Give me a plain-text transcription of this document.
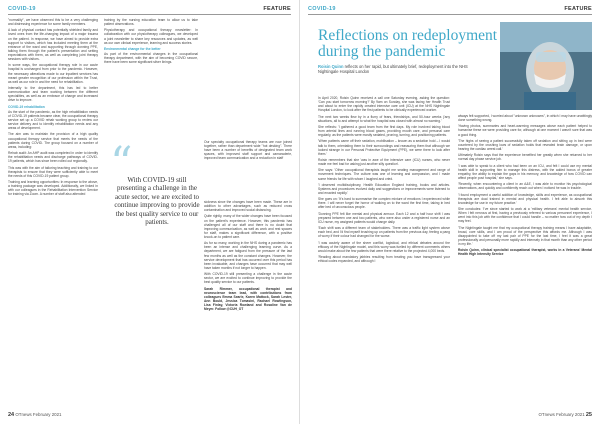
COVID-19	FEATURE

"normality", we have observed this to be a very challenging and distressing experience for some family members.

A lack of physical contact has potentially shielded family and loved ones from the life-changing impact of a major trauma on the patient. In response, we have aimed to provide extra support to visitors, which has included meeting them at the entrance of the ward and supporting through donning PPE, talking them through the patient's presentation and setting expectations with them, as well as completing joint therapy sessions with visitors.

In some ways, the occupational therapy role in our acute hospital is unchanged from prior to the pandemic. However, the necessary alterations made to our inpatient services has meant greater recognition of our profession within the Trust, as well as our role in and the need for rehabilitation.

Internally to the department, this has led to better communication and team working between the different specialities, as well as an embrace of change and increased drive to improve.

COVID-19 rehabilitation

As the start of the pandemic, as the high rehabilitation needs of COVID-19 patients became clear, the occupational therapy service set up a COVID rehab working group to review our service delivery and to identify rehabilitation needs and any areas of development.

The aim was to maintain the provision of a high quality occupational therapy service that meets the needs of the patients during COVID. The group focused on a number of areas, including:

Rehab audit: An AHP audit was completed in order to identify the rehabilitation needs and discharge pathways of COVID-19 patients, which has since been rolled out regionally.

This was with the aim of tailoring teaching and training to our therapists to ensure that they were sufficiently able to meet the needs of this COVID-19 patient group.

Training and learning opportunities: In response to the above, a training package was developed. Additionally, we linked in with our colleagues in the Rehabilitation Intervention Service for training via Zoom. A number of staff also attended

training by the nursing education team to allow us to take patient observations.

Physiotherapy and occupational therapy newsletter: In collaboration with our physiotherapy colleagues, we developed a joint newsletter to share key resources and updates, as well as our own clinical experience, learning and success stories.

Environmental change for the better

As part of the environmental changes in the occupational therapy department, with the aim of becoming COVID secure, there have been some significant silver linings.

Our specialty occupational therapy teams are now joined together, rather than department wide "hot desking". There have been a number of benefits of designated team work spaces, with improved staff support and camaraderie, improved team communication and a reduction in staff

“
With COVID-19 still presenting a challenge in the acute sector, we are excited to continue improving to provide the best quality service to our patients.

sickness since the changes have been made. These are in addition to other advantages, such as reduced cross contamination and improved social distancing.

Quite rightly, many of the wider changes have been focused on the patient's experience. However, this pandemic has challenged all of our staff and there is no doubt that improving communication, as well as work and rest spaces for staff, makes a significant difference, with a positive knock-on to patient care.

As for so many, working in the NHS during a pandemic has been an intense and challenging learning curve. As a department, we are fatigued from the pressure of the last few months as well as the constant changes. However, the service development that has occurred over this period has been invaluable, and changes have occurred that may well have taken months if not longer to happen.

With COVID-19 still presenting a challenge in the acute sector, we are excited to continue improving to provide the best quality service to our patients.

Sarah Rimmer, occupational therapist and neuroscience team lead, with contributions from colleagues Emma Searle, Karen Mattock, Sarah Lester, Ann Bould, Jessica Tomasini, Rachael Rowlingson, Lisa Finlay, Victoria Rowland and Rosaline Van de Meyer. Follow @CUH_OT

24 OTnews February 2021
COVID-19	FEATURE
Reflections on redeployment during the pandemic
Roisin Quinn reflects on her rapid, but ultimately brief, redeployment into the NHS Nightingale Hospital London

In April 2020, Roisin Quinn received a call one Saturday evening, asking the question: 'Can you start tomorrow morning?' By 9am on Sunday, she was facing her Health Trust and about to enter the rapidly created intensive care unit (ICU) at the NHS Nightingale Hospital London, to look after the first patients to be clinically experienced worker.

The next two weeks flew by in a flurry of fears, friendships, and 50-hour weeks ('any situations, all to and attempt to what the hospital was closed with almost no warning.'

She reflects: 'I gathered a good team from the first days. My role involved taking blood from arterial lines and running blood gases, providing mouth care, and personal care regularly, as the patients were mostly sedated, proning, turning, and positioning patients.

'When patients came off their sedation, mobilisation – known as a sedation hold – I would talk to them, orientating them to their surroundings and reassuring them that although we looked strange in our Personal Protective Equipment (PPE), we were there to look after them.'

Roisin remembers that she 'was in awe of the intensive care (ICU) nurses, who never made me feel bad for asking just another silly question'.

She says: 'Other occupational therapists taught me seating management and range of movement techniques. The culture was one of learning and compassion, and I made some friends for life with whom I laughed and cried.

'I observed multidisciplinary, Health Education England training, books and articles. Systems and procedures evolved daily and suggestions or improvements were listened to and enacted rapidly.'

She goes on: 'It's hard to summarise the complex mixture of emotions I experienced while there. I will never forget the horror of walking on to the ward the first time, taking in bed after bed of unconscious people.

'Donning PPE felt like mental and physical armour. Each 12 and a half hour shift I was prepared between one and two patients, who were also under a registered nurse and an ICU nurse, my assigned patients would change daily.

'Each shift was a different team of stakeholders. There was a traffic light system above each bed, and I'd find myself brushing up on patients from the previous day, feeling a pang of worry if their colour had changed for the worse.

'I was acutely aware of the sheer conflict, logistical, and ethical debates around the efficacy of the Nightingale model, and this worry was fuelled by different comments others would make about the few patients that were there relative to the projected 4,000 beds.

'Reading about mandatory jabbies resulting from treating you have transgressed your ethical codes expanded, and although I

always felt supported, I worried about "unknown unknowns", in which I may have unwittingly done something wrong.

'Having photos, summaries and heart-warming messages above each patient helped to humanise these we were providing care for, although at one moment I wasn't sure that was a good thing.

'The highs of seeing a patient successfully taken off sedation and sitting up in bed were countered by the crushing lows of sedation holds that revealed brain damage, or upon hearing the cardiac arrest call.'

Ultimately Roisin says that the experience benefited her greatly when she returned to her normal day phase service job.

'I was able to speak to a client who had been on an ICU, and felt I could use my mental health skill in supporting him to manage this distress, with the added bonus of greater empathy, the ability to explain the gaps in his memory, and knowledge of how COVID can affect people post hospital,' she says.

'Recently, when encountering a client in an A&E, I was able to monitor his psychological observations, and quickly and confidently reach out when I noticed he was in trouble.

'I found employment a useful addition of knowledge, skills and experience, as occupational therapists are dual trained in mental and physical health. I felt able to absorb this knowledge for use in my future practice.'

She concludes: 'I've since started to work at a 'military veterans' mental health service. When I felt nervous at first, having a previously referred to various personnel experience, I went into this job with the confidence that I could handle – no matter how out of my depth I may feel.

'The Nightingale taught me that my occupational therapy training means I have adaptable, broad, core skills, and I am proud of the perspective this affords me. Although I was disappointed to take off my last pair of PPE for the last time, I feel it was a great professionally and personally more rapidly and intensely in that month than any other period in my life.'

Roisin Quinn, clinical specialist occupational therapist, works in a Veterans' Mental Health High Intensity Service

OTnews February 2021 25
